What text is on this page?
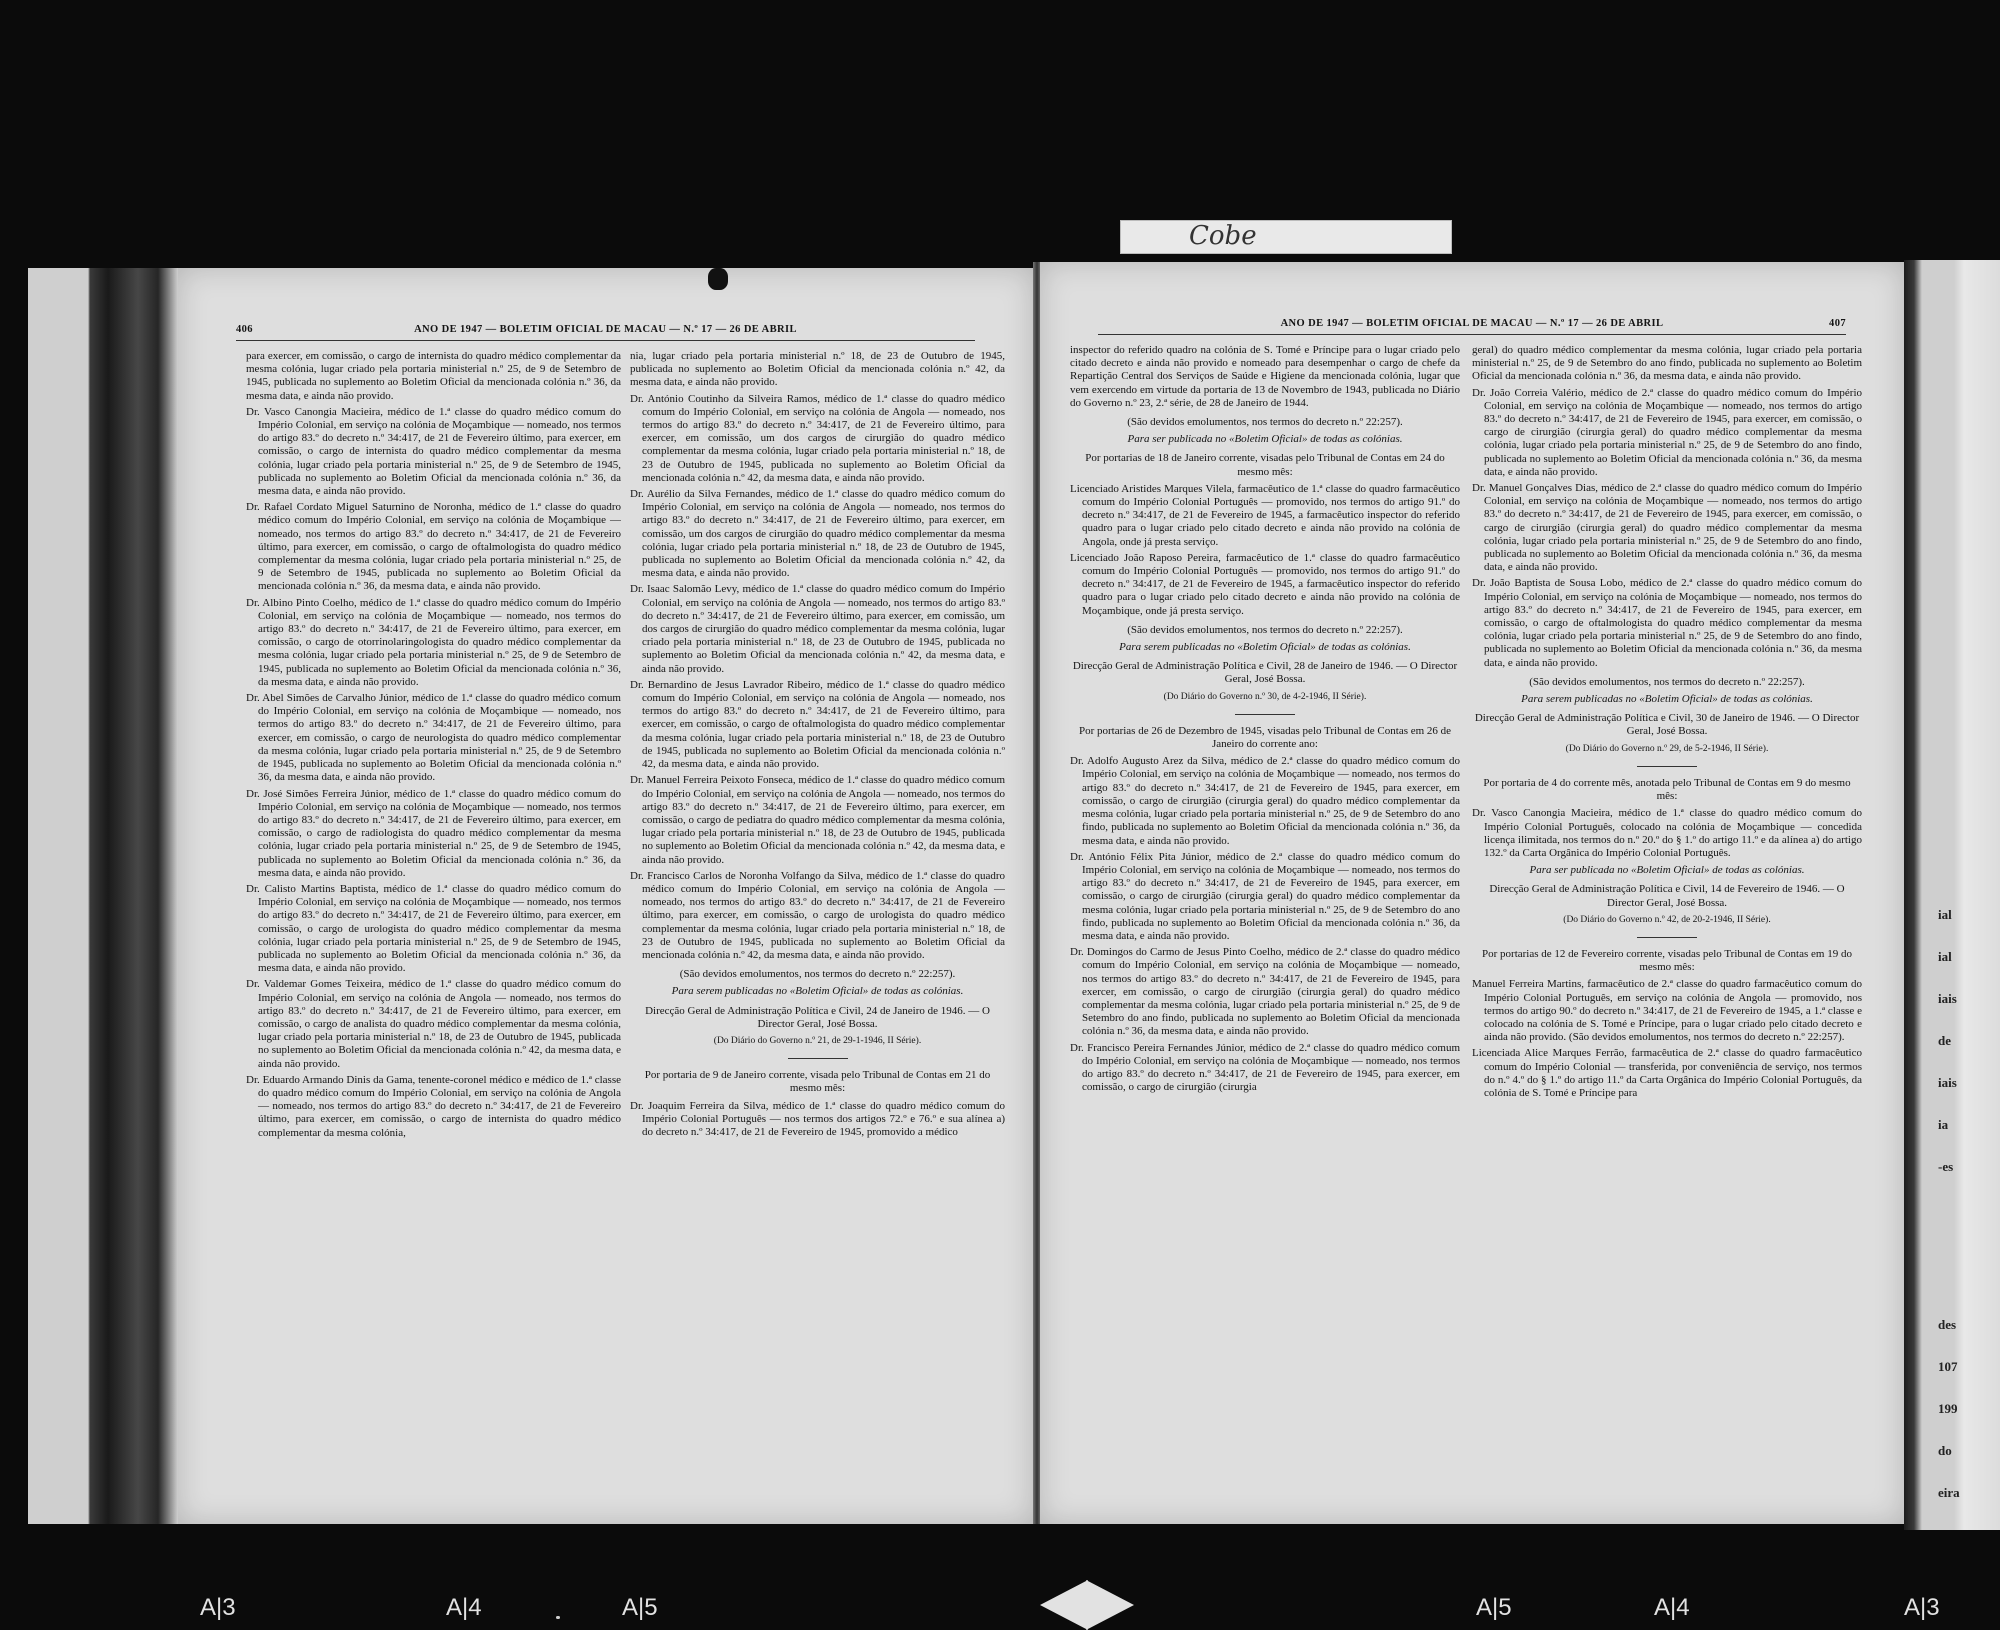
ial

ial

iais

de

iais

ia

-es

des

107

199

do

eira

Cobe
406	ANO DE 1947 — BOLETIM OFICIAL DE MACAU — N.º 17 — 26 DE ABRIL

para exercer, em comissão, o cargo de internista do quadro médico complementar da mesma colónia, lugar criado pela portaria ministerial n.º 25, de 9 de Setembro de 1945, publicada no suplemento ao Boletim Oficial da mencionada colónia n.º 36, da mesma data, e ainda não provido.

Dr. Vasco Canongia Macieira, médico de 1.ª classe do quadro médico comum do Império Colonial, em serviço na colónia de Moçambique — nomeado, nos termos do artigo 83.º do decreto n.º 34:417, de 21 de Fevereiro último, para exercer, em comissão, o cargo de internista do quadro médico complementar da mesma colónia, lugar criado pela portaria ministerial n.º 25, de 9 de Setembro de 1945, publicada no suplemento ao Boletim Oficial da mencionada colónia n.º 36, da mesma data, e ainda não provido.

Dr. Rafael Cordato Miguel Saturnino de Noronha, médico de 1.ª classe do quadro médico comum do Império Colonial, em serviço na colónia de Moçambique — nomeado, nos termos do artigo 83.º do decreto n.º 34:417, de 21 de Fevereiro último, para exercer, em comissão, o cargo de oftalmologista do quadro médico complementar da mesma colónia, lugar criado pela portaria ministerial n.º 25, de 9 de Setembro de 1945, publicada no suplemento ao Boletim Oficial da mencionada colónia n.º 36, da mesma data, e ainda não provido.

Dr. Albino Pinto Coelho, médico de 1.ª classe do quadro médico comum do Império Colonial, em serviço na colónia de Moçambique — nomeado, nos termos do artigo 83.º do decreto n.º 34:417, de 21 de Fevereiro último, para exercer, em comissão, o cargo de otorrinolaringologista do quadro médico complementar da mesma colónia, lugar criado pela portaria ministerial n.º 25, de 9 de Setembro de 1945, publicada no suplemento ao Boletim Oficial da mencionada colónia n.º 36, da mesma data, e ainda não provido.

Dr. Abel Simões de Carvalho Júnior, médico de 1.ª classe do quadro médico comum do Império Colonial, em serviço na colónia de Moçambique — nomeado, nos termos do artigo 83.º do decreto n.º 34:417, de 21 de Fevereiro último, para exercer, em comissão, o cargo de neurologista do quadro médico complementar da mesma colónia, lugar criado pela portaria ministerial n.º 25, de 9 de Setembro de 1945, publicada no suplemento ao Boletim Oficial da mencionada colónia n.º 36, da mesma data, e ainda não provido.

Dr. José Simões Ferreira Júnior, médico de 1.ª classe do quadro médico comum do Império Colonial, em serviço na colónia de Moçambique — nomeado, nos termos do artigo 83.º do decreto n.º 34:417, de 21 de Fevereiro último, para exercer, em comissão, o cargo de radiologista do quadro médico complementar da mesma colónia, lugar criado pela portaria ministerial n.º 25, de 9 de Setembro de 1945, publicada no suplemento ao Boletim Oficial da mencionada colónia n.º 36, da mesma data, e ainda não provido.

Dr. Calisto Martins Baptista, médico de 1.ª classe do quadro médico comum do Império Colonial, em serviço na colónia de Moçambique — nomeado, nos termos do artigo 83.º do decreto n.º 34:417, de 21 de Fevereiro último, para exercer, em comissão, o cargo de urologista do quadro médico complementar da mesma colónia, lugar criado pela portaria ministerial n.º 25, de 9 de Setembro de 1945, publicada no suplemento ao Boletim Oficial da mencionada colónia n.º 36, da mesma data, e ainda não provido.

Dr. Valdemar Gomes Teixeira, médico de 1.ª classe do quadro médico comum do Império Colonial, em serviço na colónia de Angola — nomeado, nos termos do artigo 83.º do decreto n.º 34:417, de 21 de Fevereiro último, para exercer, em comissão, o cargo de analista do quadro médico complementar da mesma colónia, lugar criado pela portaria ministerial n.º 18, de 23 de Outubro de 1945, publicada no suplemento ao Boletim Oficial da mencionada colónia n.º 42, da mesma data, e ainda não provido.

Dr. Eduardo Armando Dinis da Gama, tenente-coronel médico e médico de 1.ª classe do quadro médico comum do Império Colonial, em serviço na colónia de Angola — nomeado, nos termos do artigo 83.º do decreto n.º 34:417, de 21 de Fevereiro último, para exercer, em comissão, o cargo de internista do quadro médico complementar da mesma colónia,

nia, lugar criado pela portaria ministerial n.º 18, de 23 de Outubro de 1945, publicada no suplemento ao Boletim Oficial da mencionada colónia n.º 42, da mesma data, e ainda não provido.

Dr. António Coutinho da Silveira Ramos, médico de 1.ª classe do quadro médico comum do Império Colonial, em serviço na colónia de Angola — nomeado, nos termos do artigo 83.º do decreto n.º 34:417, de 21 de Fevereiro último, para exercer, em comissão, um dos cargos de cirurgião do quadro médico complementar da mesma colónia, lugar criado pela portaria ministerial n.º 18, de 23 de Outubro de 1945, publicada no suplemento ao Boletim Oficial da mencionada colónia n.º 42, da mesma data, e ainda não provido.

Dr. Aurélio da Silva Fernandes, médico de 1.ª classe do quadro médico comum do Império Colonial, em serviço na colónia de Angola — nomeado, nos termos do artigo 83.º do decreto n.º 34:417, de 21 de Fevereiro último, para exercer, em comissão, um dos cargos de cirurgião do quadro médico complementar da mesma colónia, lugar criado pela portaria ministerial n.º 18, de 23 de Outubro de 1945, publicada no suplemento ao Boletim Oficial da mencionada colónia n.º 42, da mesma data, e ainda não provido.

Dr. Isaac Salomão Levy, médico de 1.ª classe do quadro médico comum do Império Colonial, em serviço na colónia de Angola — nomeado, nos termos do artigo 83.º do decreto n.º 34:417, de 21 de Fevereiro último, para exercer, em comissão, um dos cargos de cirurgião do quadro médico complementar da mesma colónia, lugar criado pela portaria ministerial n.º 18, de 23 de Outubro de 1945, publicada no suplemento ao Boletim Oficial da mencionada colónia n.º 42, da mesma data, e ainda não provido.

Dr. Bernardino de Jesus Lavrador Ribeiro, médico de 1.ª classe do quadro médico comum do Império Colonial, em serviço na colónia de Angola — nomeado, nos termos do artigo 83.º do decreto n.º 34:417, de 21 de Fevereiro último, para exercer, em comissão, o cargo de oftalmologista do quadro médico complementar da mesma colónia, lugar criado pela portaria ministerial n.º 18, de 23 de Outubro de 1945, publicada no suplemento ao Boletim Oficial da mencionada colónia n.º 42, da mesma data, e ainda não provido.

Dr. Manuel Ferreira Peixoto Fonseca, médico de 1.ª classe do quadro médico comum do Império Colonial, em serviço na colónia de Angola — nomeado, nos termos do artigo 83.º do decreto n.º 34:417, de 21 de Fevereiro último, para exercer, em comissão, o cargo de pediatra do quadro médico complementar da mesma colónia, lugar criado pela portaria ministerial n.º 18, de 23 de Outubro de 1945, publicada no suplemento ao Boletim Oficial da mencionada colónia n.º 42, da mesma data, e ainda não provido.

Dr. Francisco Carlos de Noronha Volfango da Silva, médico de 1.ª classe do quadro médico comum do Império Colonial, em serviço na colónia de Angola — nomeado, nos termos do artigo 83.º do decreto n.º 34:417, de 21 de Fevereiro último, para exercer, em comissão, o cargo de urologista do quadro médico complementar da mesma colónia, lugar criado pela portaria ministerial n.º 18, de 23 de Outubro de 1945, publicada no suplemento ao Boletim Oficial da mencionada colónia n.º 42, da mesma data, e ainda não provido.

(São devidos emolumentos, nos termos do decreto n.º 22:257).

Para serem publicadas no «Boletim Oficial» de todas as colónias.

Direcção Geral de Administração Política e Civil, 24 de Janeiro de 1946. — O Director Geral, José Bossa.

(Do Diário do Governo n.º 21, de 29-1-1946, II Série).

Por portaria de 9 de Janeiro corrente, visada pelo Tribunal de Contas em 21 do mesmo mês:

Dr. Joaquim Ferreira da Silva, médico de 1.ª classe do quadro médico comum do Império Colonial Português — nos termos dos artigos 72.º e 76.º e sua alínea a) do decreto n.º 34:417, de 21 de Fevereiro de 1945, promovido a médico

ANO DE 1947 — BOLETIM OFICIAL DE MACAU — N.º 17 — 26 DE ABRIL	407

inspector do referido quadro na colónia de S. Tomé e Príncipe para o lugar criado pelo citado decreto e ainda não provido e nomeado para desempenhar o cargo de chefe da Repartição Central dos Serviços de Saúde e Higiene da mencionada colónia, lugar que vem exercendo em virtude da portaria de 13 de Novembro de 1943, publicada no Diário do Governo n.º 23, 2.ª série, de 28 de Janeiro de 1944.

(São devidos emolumentos, nos termos do decreto n.º 22:257).

Para ser publicada no «Boletim Oficial» de todas as colónias.

Por portarias de 18 de Janeiro corrente, visadas pelo Tribunal de Contas em 24 do mesmo mês:

Licenciado Aristides Marques Vilela, farmacêutico de 1.ª classe do quadro farmacêutico comum do Império Colonial Português — promovido, nos termos do artigo 91.º do decreto n.º 34:417, de 21 de Fevereiro de 1945, a farmacêutico inspector do referido quadro para o lugar criado pelo citado decreto e ainda não provido na colónia de Angola, onde já presta serviço.

Licenciado João Raposo Pereira, farmacêutico de 1.ª classe do quadro farmacêutico comum do Império Colonial Português — promovido, nos termos do artigo 91.º do decreto n.º 34:417, de 21 de Fevereiro de 1945, a farmacêutico inspector do referido quadro para o lugar criado pelo citado decreto e ainda não provido na colónia de Moçambique, onde já presta serviço.

(São devidos emolumentos, nos termos do decreto n.º 22:257).

Para serem publicadas no «Boletim Oficial» de todas as colónias.

Direcção Geral de Administração Política e Civil, 28 de Janeiro de 1946. — O Director Geral, José Bossa.

(Do Diário do Governo n.º 30, de 4-2-1946, II Série).

Por portarias de 26 de Dezembro de 1945, visadas pelo Tribunal de Contas em 26 de Janeiro do corrente ano:

Dr. Adolfo Augusto Arez da Silva, médico de 2.ª classe do quadro médico comum do Império Colonial, em serviço na colónia de Moçambique — nomeado, nos termos do artigo 83.º do decreto n.º 34:417, de 21 de Fevereiro de 1945, para exercer, em comissão, o cargo de cirurgião (cirurgia geral) do quadro médico complementar da mesma colónia, lugar criado pela portaria ministerial n.º 25, de 9 de Setembro do ano findo, publicada no suplemento ao Boletim Oficial da mencionada colónia n.º 36, da mesma data, e ainda não provido.

Dr. António Félix Pita Júnior, médico de 2.ª classe do quadro médico comum do Império Colonial, em serviço na colónia de Moçambique — nomeado, nos termos do artigo 83.º do decreto n.º 34:417, de 21 de Fevereiro de 1945, para exercer, em comissão, o cargo de cirurgião (cirurgia geral) do quadro médico complementar da mesma colónia, lugar criado pela portaria ministerial n.º 25, de 9 de Setembro do ano findo, publicada no suplemento ao Boletim Oficial da mencionada colónia n.º 36, da mesma data, e ainda não provido.

Dr. Domingos do Carmo de Jesus Pinto Coelho, médico de 2.ª classe do quadro médico comum do Império Colonial, em serviço na colónia de Moçambique — nomeado, nos termos do artigo 83.º do decreto n.º 34:417, de 21 de Fevereiro de 1945, para exercer, em comissão, o cargo de cirurgião (cirurgia geral) do quadro médico complementar da mesma colónia, lugar criado pela portaria ministerial n.º 25, de 9 de Setembro do ano findo, publicada no suplemento ao Boletim Oficial da mencionada colónia n.º 36, da mesma data, e ainda não provido.

Dr. Francisco Pereira Fernandes Júnior, médico de 2.ª classe do quadro médico comum do Império Colonial, em serviço na colónia de Moçambique — nomeado, nos termos do artigo 83.º do decreto n.º 34:417, de 21 de Fevereiro de 1945, para exercer, em comissão, o cargo de cirurgião (cirurgia

geral) do quadro médico complementar da mesma colónia, lugar criado pela portaria ministerial n.º 25, de 9 de Setembro do ano findo, publicada no suplemento ao Boletim Oficial da mencionada colónia n.º 36, da mesma data, e ainda não provido.

Dr. João Correia Valério, médico de 2.ª classe do quadro médico comum do Império Colonial, em serviço na colónia de Moçambique — nomeado, nos termos do artigo 83.º do decreto n.º 34:417, de 21 de Fevereiro de 1945, para exercer, em comissão, o cargo de cirurgião (cirurgia geral) do quadro médico complementar da mesma colónia, lugar criado pela portaria ministerial n.º 25, de 9 de Setembro do ano findo, publicada no suplemento ao Boletim Oficial da mencionada colónia n.º 36, da mesma data, e ainda não provido.

Dr. Manuel Gonçalves Dias, médico de 2.ª classe do quadro médico comum do Império Colonial, em serviço na colónia de Moçambique — nomeado, nos termos do artigo 83.º do decreto n.º 34:417, de 21 de Fevereiro de 1945, para exercer, em comissão, o cargo de cirurgião (cirurgia geral) do quadro médico complementar da mesma colónia, lugar criado pela portaria ministerial n.º 25, de 9 de Setembro do ano findo, publicada no suplemento ao Boletim Oficial da mencionada colónia n.º 36, da mesma data, e ainda não provido.

Dr. João Baptista de Sousa Lobo, médico de 2.ª classe do quadro médico comum do Império Colonial, em serviço na colónia de Moçambique — nomeado, nos termos do artigo 83.º do decreto n.º 34:417, de 21 de Fevereiro de 1945, para exercer, em comissão, o cargo de oftalmologista do quadro médico complementar da mesma colónia, lugar criado pela portaria ministerial n.º 25, de 9 de Setembro do ano findo, publicada no suplemento ao Boletim Oficial da mencionada colónia n.º 36, da mesma data, e ainda não provido.

(São devidos emolumentos, nos termos do decreto n.º 22:257).

Para serem publicadas no «Boletim Oficial» de todas as colónias.

Direcção Geral de Administração Política e Civil, 30 de Janeiro de 1946. — O Director Geral, José Bossa.

(Do Diário do Governo n.º 29, de 5-2-1946, II Série).

Por portaria de 4 do corrente mês, anotada pelo Tribunal de Contas em 9 do mesmo mês:

Dr. Vasco Canongia Macieira, médico de 1.ª classe do quadro médico comum do Império Colonial Português, colocado na colónia de Moçambique — concedida licença ilimitada, nos termos do n.º 20.º do § 1.º do artigo 11.º e da alínea a) do artigo 132.º da Carta Orgânica do Império Colonial Português.

Para ser publicada no «Boletim Oficial» de todas as colónias.

Direcção Geral de Administração Política e Civil, 14 de Fevereiro de 1946. — O Director Geral, José Bossa.

(Do Diário do Governo n.º 42, de 20-2-1946, II Série).

Por portarias de 12 de Fevereiro corrente, visadas pelo Tribunal de Contas em 19 do mesmo mês:

Manuel Ferreira Martins, farmacêutico de 2.ª classe do quadro farmacêutico comum do Império Colonial Português, em serviço na colónia de Angola — promovido, nos termos do artigo 90.º do decreto n.º 34:417, de 21 de Fevereiro de 1945, a 1.ª classe e colocado na colónia de S. Tomé e Príncipe, para o lugar criado pelo citado decreto e ainda não provido. (São devidos emolumentos, nos termos do decreto n.º 22:257).

Licenciada Alice Marques Ferrão, farmacêutica de 2.ª classe do quadro farmacêutico comum do Império Colonial — transferida, por conveniência de serviço, nos termos do n.º 4.º do § 1.º do artigo 11.º da Carta Orgânica do Império Colonial Português, da colónia de S. Tomé e Príncipe para

A|3	A|4	A|5	A|5	A|4	A|3
